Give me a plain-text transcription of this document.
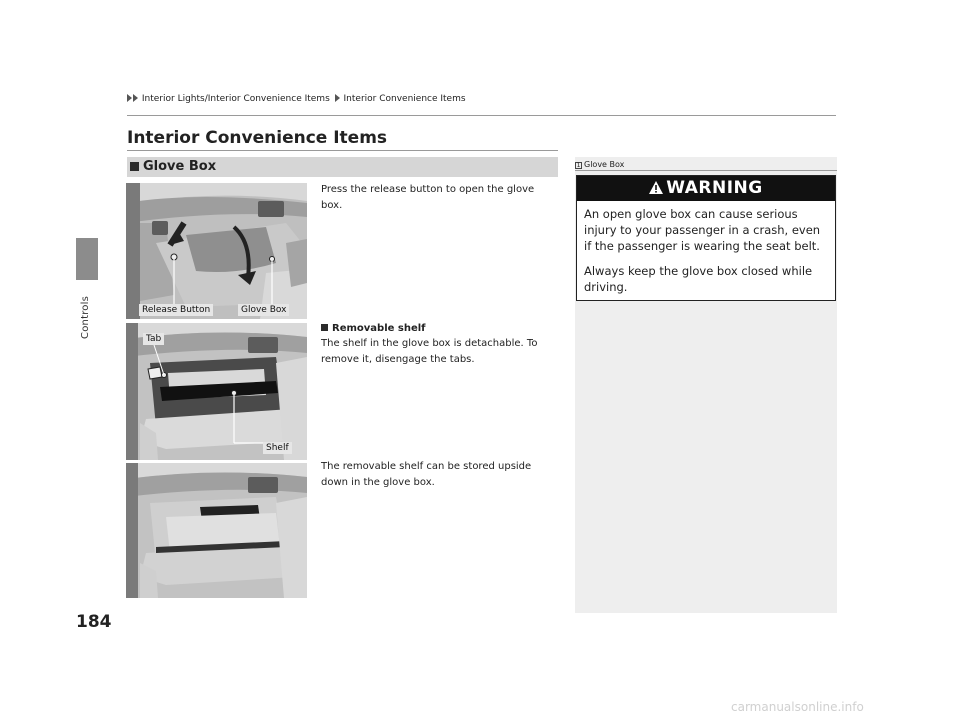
Controls
184
Interior Lights/Interior Convenience Items Interior Convenience Items
Interior Convenience Items
Glove Box
Release Button	Glove Box
Press the release button to open the glove box.
Tab
Shelf
Removable shelf
The shelf in the glove box is detachable. To remove it, disengage the tabs.
The removable shelf can be stored upside down in the glove box.
1 Glove Box
WARNING
An open glove box can cause serious injury to your passenger in a crash, even if the passenger is wearing the seat belt.
Always keep the glove box closed while driving.
carmanualsonline.info
